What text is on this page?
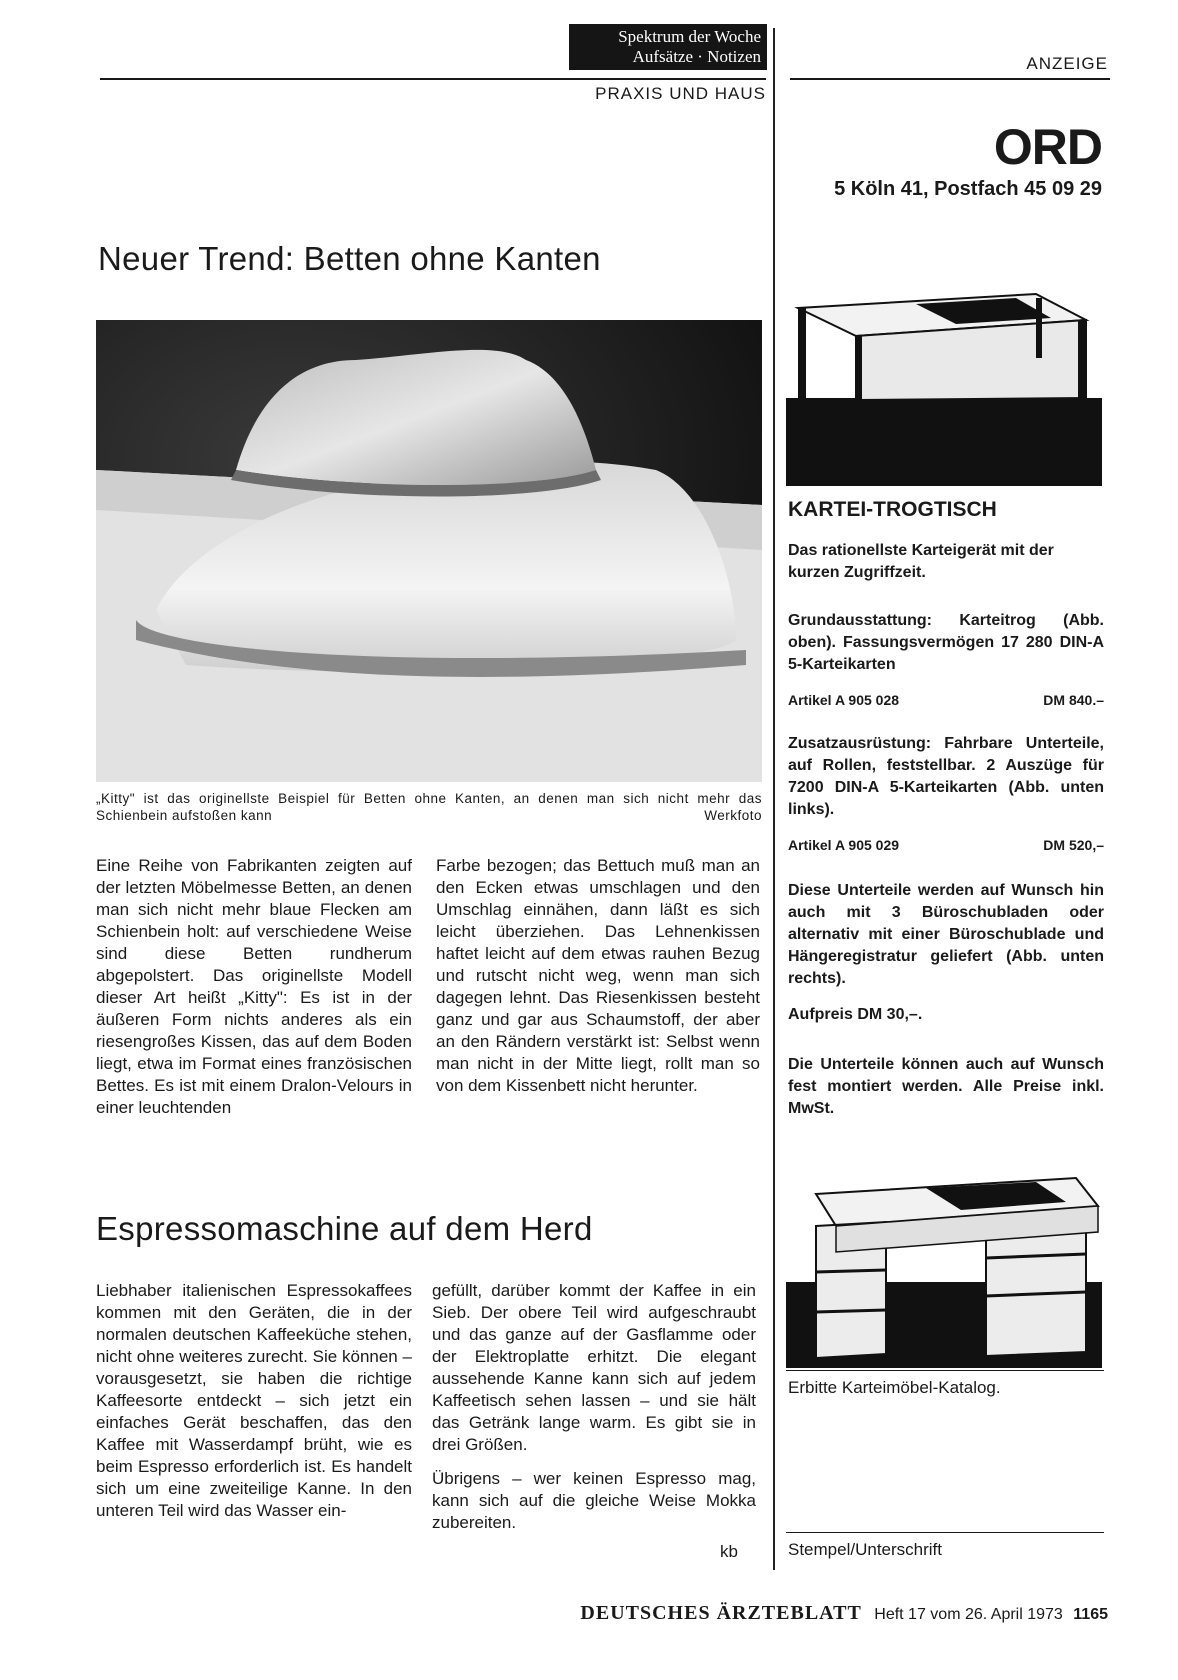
Spektrum der Woche
Aufsätze · Notizen
PRAXIS UND HAUS
ANZEIGE
Neuer Trend: Betten ohne Kanten
„Kitty" ist das originellste Beispiel für Betten ohne Kanten, an denen man sich nicht mehr das Schienbein aufstoßen kann	Werkfoto

Eine Reihe von Fabrikanten zeigten auf der letzten Möbelmesse Betten, an denen man sich nicht mehr blaue Flecken am Schienbein holt: auf verschiedene Weise sind diese Betten rundherum abgepolstert. Das originellste Modell dieser Art heißt „Kitty": Es ist in der äußeren Form nichts anderes als ein riesengroßes Kissen, das auf dem Boden liegt, etwa im Format eines französischen Bettes. Es ist mit einem Dralon-Velours in einer leuchtenden

Farbe bezogen; das Bettuch muß man an den Ecken etwas umschlagen und den Umschlag einnähen, dann läßt es sich leicht überziehen. Das Lehnenkissen haftet leicht auf dem etwas rauhen Bezug und rutscht nicht weg, wenn man sich dagegen lehnt. Das Riesenkissen besteht ganz und gar aus Schaumstoff, der aber an den Rändern verstärkt ist: Selbst wenn man nicht in der Mitte liegt, rollt man so von dem Kissenbett nicht herunter.

Espressomaschine auf dem Herd

Liebhaber italienischen Espressokaffees kommen mit den Geräten, die in der normalen deutschen Kaffeeküche stehen, nicht ohne weiteres zurecht. Sie können – vorausgesetzt, sie haben die richtige Kaffeesorte entdeckt – sich jetzt ein einfaches Gerät beschaffen, das den Kaffee mit Wasserdampf brüht, wie es beim Espresso erforderlich ist. Es handelt sich um eine zweiteilige Kanne. In den unteren Teil wird das Wasser ein-

gefüllt, darüber kommt der Kaffee in ein Sieb. Der obere Teil wird aufgeschraubt und das ganze auf der Gasflamme oder der Elektroplatte erhitzt. Die elegant aussehende Kanne kann sich auf jedem Kaffeetisch sehen lassen – und sie hält das Getränk lange warm. Es gibt sie in drei Größen.

Übrigens – wer keinen Espresso mag, kann sich auf die gleiche Weise Mokka zubereiten.

kb
ORD
5 Köln 41, Postfach 45 09 29
KARTEI-TROGTISCH

Das rationellste Karteigerät mit der kurzen Zugriffzeit.

Grundausstattung: Karteitrog (Abb. oben). Fassungsvermögen 17 280 DIN-A 5-Karteikarten

Artikel A 905 028	DM 840.–

Zusatzausrüstung: Fahrbare Unterteile, auf Rollen, feststellbar. 2 Auszüge für 7200 DIN-A 5-Karteikarten (Abb. unten links).

Artikel A 905 029	DM 520,–

Diese Unterteile werden auf Wunsch hin auch mit 3 Büroschubladen oder alternativ mit einer Büroschublade und Hängeregistratur geliefert (Abb. unten rechts).

Aufpreis DM 30,–.

Die Unterteile können auch auf Wunsch fest montiert werden. Alle Preise inkl. MwSt.

Erbitte Karteimöbel-Katalog.
Stempel/Unterschrift
DEUTSCHES ÄRZTEBLATT Heft 17 vom 26. April 1973 1165
